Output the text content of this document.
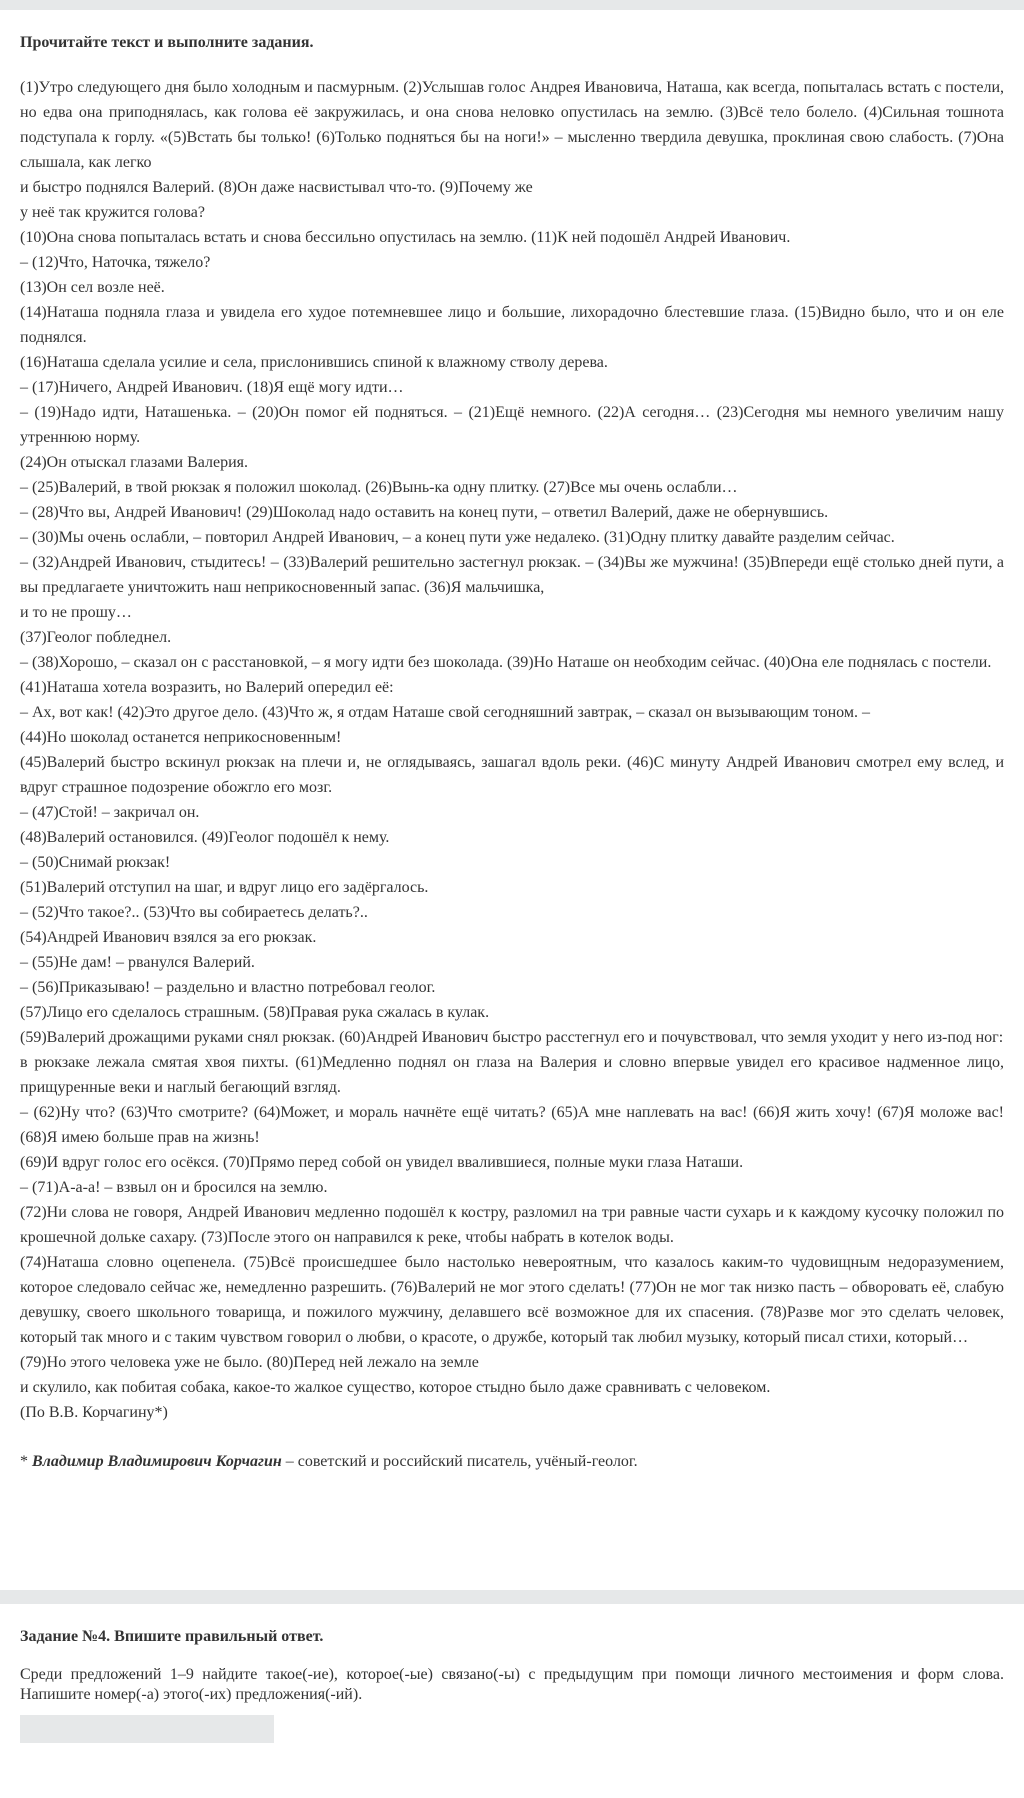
Прочитайте текст и выполните задания.

(1)Утро следующего дня было холодным и пасмурным. (2)Услышав голос Андрея Ивановича, Наташа, как всегда, попыталась встать с постели, но едва она приподнялась, как голова её закружилась, и она снова неловко опустилась на землю. (3)Всё тело болело. (4)Сильная тошнота подступала к горлу. «(5)Встать бы только! (6)Только подняться бы на ноги!» – мысленно твердила девушка, проклиная свою слабость. (7)Она слышала, как легко

и быстро поднялся Валерий. (8)Он даже насвистывал что-то. (9)Почему же

у неё так кружится голова?

(10)Она снова попыталась встать и снова бессильно опустилась на землю. (11)К ней подошёл Андрей Иванович.

– (12)Что, Наточка, тяжело?

(13)Он сел возле неё.

(14)Наташа подняла глаза и увидела его худое потемневшее лицо и большие, лихорадочно блестевшие глаза. (15)Видно было, что и он еле поднялся.

(16)Наташа сделала усилие и села, прислонившись спиной к влажному стволу дерева.

– (17)Ничего, Андрей Иванович. (18)Я ещё могу идти…

– (19)Надо идти, Наташенька. – (20)Он помог ей подняться. – (21)Ещё немного. (22)А сегодня… (23)Сегодня мы немного увеличим нашу утреннюю норму.

(24)Он отыскал глазами Валерия.

– (25)Валерий, в твой рюкзак я положил шоколад. (26)Вынь-ка одну плитку. (27)Все мы очень ослабли…

– (28)Что вы, Андрей Иванович! (29)Шоколад надо оставить на конец пути, – ответил Валерий, даже не обернувшись.

– (30)Мы очень ослабли, – повторил Андрей Иванович, – а конец пути уже недалеко. (31)Одну плитку давайте разделим сейчас.

– (32)Андрей Иванович, стыдитесь! – (33)Валерий решительно застегнул рюкзак. – (34)Вы же мужчина! (35)Впереди ещё столько дней пути, а вы предлагаете уничтожить наш неприкосновенный запас. (36)Я мальчишка,

и то не прошу…

(37)Геолог побледнел.

– (38)Хорошо, – сказал он с расстановкой, – я могу идти без шоколада. (39)Но Наташе он необходим сейчас. (40)Она еле поднялась с постели.

(41)Наташа хотела возразить, но Валерий опередил её:

– Ах, вот как! (42)Это другое дело. (43)Что ж, я отдам Наташе свой сегодняшний завтрак, – сказал он вызывающим тоном. –

(44)Но шоколад останется неприкосновенным!

(45)Валерий быстро вскинул рюкзак на плечи и, не оглядываясь, зашагал вдоль реки. (46)С минуту Андрей Иванович смотрел ему вслед, и вдруг страшное подозрение обожгло его мозг.

– (47)Стой! – закричал он.

(48)Валерий остановился. (49)Геолог подошёл к нему.

– (50)Снимай рюкзак!

(51)Валерий отступил на шаг, и вдруг лицо его задёргалось.

– (52)Что такое?.. (53)Что вы собираетесь делать?..

(54)Андрей Иванович взялся за его рюкзак.

– (55)Не дам! – рванулся Валерий.

– (56)Приказываю! – раздельно и властно потребовал геолог.

(57)Лицо его сделалось страшным. (58)Правая рука сжалась в кулак.

(59)Валерий дрожащими руками снял рюкзак. (60)Андрей Иванович быстро расстегнул его и почувствовал, что земля уходит у него из-под ног:

в рюкзаке лежала смятая хвоя пихты. (61)Медленно поднял он глаза на Валерия и словно впервые увидел его красивое надменное лицо, прищуренные веки и наглый бегающий взгляд.

– (62)Ну что? (63)Что смотрите? (64)Может, и мораль начнёте ещё читать? (65)А мне наплевать на вас! (66)Я жить хочу! (67)Я моложе вас! (68)Я имею больше прав на жизнь!

(69)И вдруг голос его осёкся. (70)Прямо перед собой он увидел ввалившиеся, полные муки глаза Наташи.

– (71)А-а-а! – взвыл он и бросился на землю.

(72)Ни слова не говоря, Андрей Иванович медленно подошёл к костру, разломил на три равные части сухарь и к каждому кусочку положил по крошечной дольке сахару. (73)После этого он направился к реке, чтобы набрать в котелок воды.

(74)Наташа словно оцепенела. (75)Всё происшедшее было настолько невероятным, что казалось каким-то чудовищным недоразумением, которое следовало сейчас же, немедленно разрешить. (76)Валерий не мог этого сделать! (77)Он не мог так низко пасть – обворовать её, слабую девушку, своего школьного товарища, и пожилого мужчину, делавшего всё возможное для их спасения. (78)Разве мог это сделать человек, который так много и с таким чувством говорил о любви, о красоте, о дружбе, который так любил музыку, который писал стихи, который…

(79)Но этого человека уже не было. (80)Перед ней лежало на земле

и скулило, как побитая собака, какое-то жалкое существо, которое стыдно было даже сравнивать с человеком.

(По В.В. Корчагину*)

* Владимир Владимирович Корчагин – советский и российский писатель, учёный-геолог.

Задание №4. Впишите правильный ответ.

Среди предложений 1–9 найдите такое(-ие), которое(-ые) связано(-ы) с предыдущим при помощи личного местоимения и форм слова. Напишите номер(-а) этого(-их) предложения(-ий).
